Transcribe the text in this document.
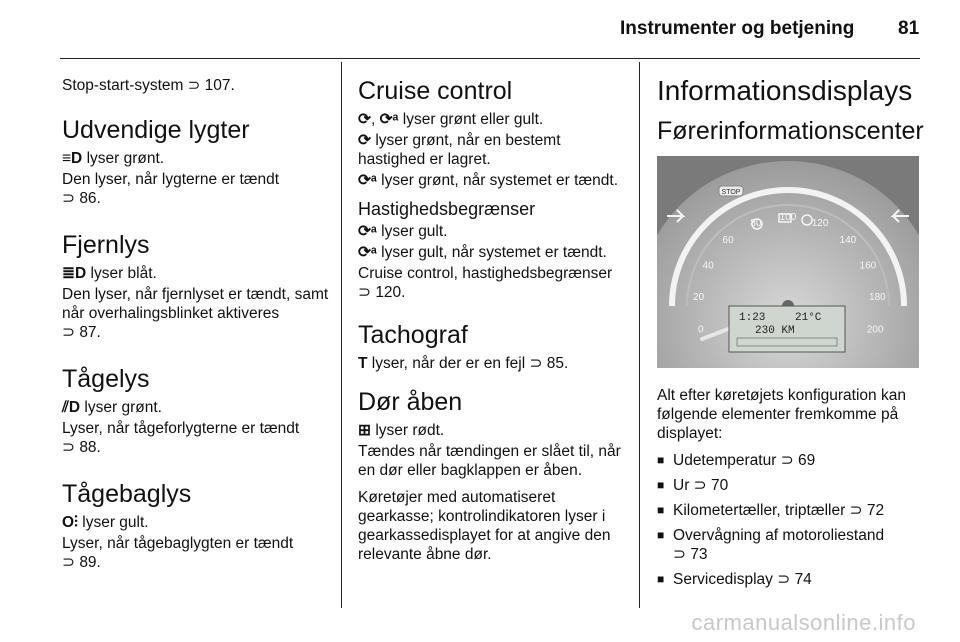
Instrumenter og betjening 81

Stop-start-system ⊃ 107.

Udvendige lygter

≡D lyser grønt.

Den lyser, når lygterne er tændt
⊃ 86.

Fjernlys

≣D lyser blåt.

Den lyser, når fjernlyset er tændt, samt når overhalingsblinket aktiveres
⊃ 87.

Tågelys

⫽D lyser grønt.

Lyser, når tågeforlygterne er tændt
⊃ 88.

Tågebaglys

O⫶ lyser gult.

Lyser, når tågebaglygten er tændt
⊃ 89.

Cruise control

⟳, ⟳ᵃ lyser grønt eller gult.

⟳ lyser grønt, når en bestemt hastighed er lagret.

⟳ᵃ lyser grønt, når systemet er tændt.

Hastighedsbegrænser

⟳ᵃ lyser gult.

⟳ᵃ lyser gult, når systemet er tændt.

Cruise control, hastighedsbegrænser
⊃ 120.

Tachograf

T lyser, når der er en fejl ⊃ 85.

Dør åben

⊞ lyser rødt.

Tændes når tændingen er slået til, når en dør eller bagklappen er åben.

Køretøjer med automatiseret gearkasse; kontrolindikatoren lyser i gearkassedisplayet for at angive den relevante åbne dør.

Informationsdisplays
Førerinformationscenter
0
20
40
60
80
100
120
140
160
180
200
STOP
1:23	21°C
230 KM

Alt efter køretøjets konfiguration kan følgende elementer fremkomme på displayet:

■ Udetemperatur ⊃ 69
■ Ur ⊃ 70
■ Kilometertæller, triptæller ⊃ 72
■ Overvågning af motoroliestand
⊃ 73
■ Servicedisplay ⊃ 74
carmanualsonline.info
